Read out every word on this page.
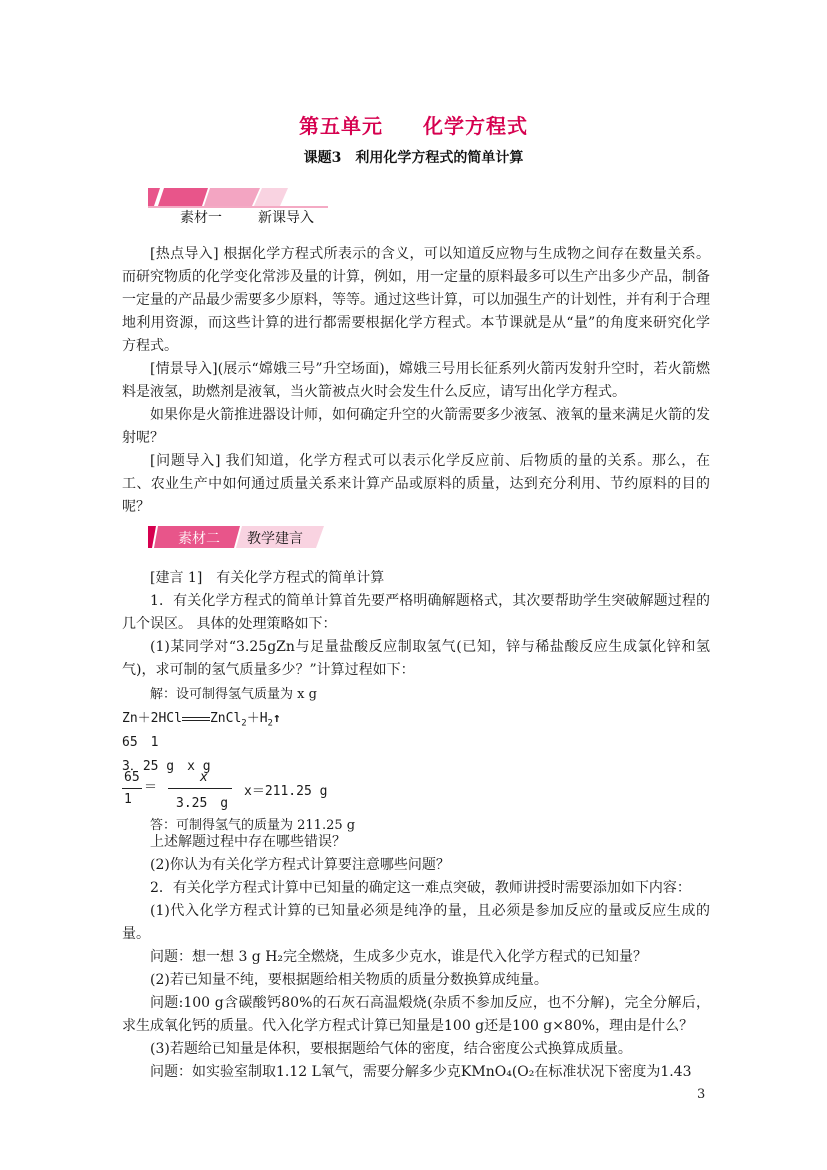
第五单元 化学方程式
课题3　利用化学方程式的简单计算
素材一	新课导入

[热点导入] 根据化学方程式所表示的含义，可以知道反应物与生成物之间存在数量关系。而研究物质的化学变化常涉及量的计算，例如，用一定量的原料最多可以生产出多少产品，制备一定量的产品最少需要多少原料，等等。通过这些计算，可以加强生产的计划性，并有利于合理地利用资源，而这些计算的进行都需要根据化学方程式。本节课就是从“量”的角度来研究化学方程式。

[情景导入](展示“嫦娥三号”升空场面)，嫦娥三号用长征系列火箭丙发射升空时，若火箭燃料是液氢，助燃剂是液氧，当火箭被点火时会发生什么反应，请写出化学方程式。

如果你是火箭推进器设计师，如何确定升空的火箭需要多少液氢、液氧的量来满足火箭的发射呢？

[问题导入] 我们知道，化学方程式可以表示化学反应前、后物质的量的关系。那么，在工、农业生产中如何通过质量关系来计算产品或原料的质量，达到充分利用、节约原料的目的呢？

素材二 教学建言

[建言 1]　有关化学方程式的简单计算

1．有关化学方程式的简单计算首先要严格明确解题格式，其次要帮助学生突破解题过程的几个误区。 具体的处理策略如下：

(1)某同学对“3.25gZn与足量盐酸反应制取氢气(已知，锌与稀盐酸反应生成氯化锌和氢气)，求可制的氢气质量多少？”计算过程如下：

解：设可制得氢气质量为 x g
Zn＋2HCl $ZnCl_2+H_2↑$
65　1
3．25 g　x g
65
＝
x
x＝211.25 g
1	3.25　g
答：可制得氢气的质量为 211.25 g

上述解题过程中存在哪些错误？

(2)你认为有关化学方程式计算要注意哪些问题？

2．有关化学方程式计算中已知量的确定这一难点突破，教师讲授时需要添加如下内容：

(1)代入化学方程式计算的已知量必须是纯净的量，且必须是参加反应的量或反应生成的量。

问题：想一想 3 g H₂完全燃烧，生成多少克水，谁是代入化学方程式的已知量？

(2)若已知量不纯，要根据题给相关物质的质量分数换算成纯量。

问题:100 g含碳酸钙80%的石灰石高温煅烧(杂质不参加反应，也不分解)，完全分解后，求生成氧化钙的质量。代入化学方程式计算已知量是100 g还是100 g×80%，理由是什么？

(3)若题给已知量是体积，要根据题给气体的密度，结合密度公式换算成质量。

问题：如实验室制取1.12 L氧气，需要分解多少克KMnO₄(O₂在标准状况下密度为1.43

3
